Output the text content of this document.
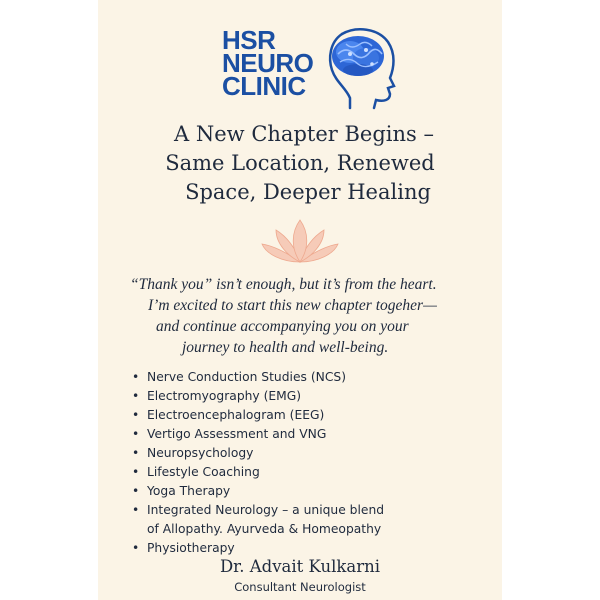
HSR
NEURO
CLINIC
A New Chapter Begins –
Same Location, Renewed
Space, Deeper Healing
“Thank you” isn’t enough, but it’s from the heart.
I’m excited to start this new chapter togeher—
and continue accompanying you on your
journey to health and well-being.
• Nerve Conduction Studies (NCS)
• Electromyography (EMG)
• Electroencephalogram (EEG)
• Vertigo Assessment and VNG
• Neuropsychology
• Lifestyle Coaching
• Yoga Therapy
• Integrated Neurology – a unique blend
of Allopathy. Ayurveda & Homeopathy
• Physiotherapy
Dr. Advait Kulkarni
Consultant Neurologist
